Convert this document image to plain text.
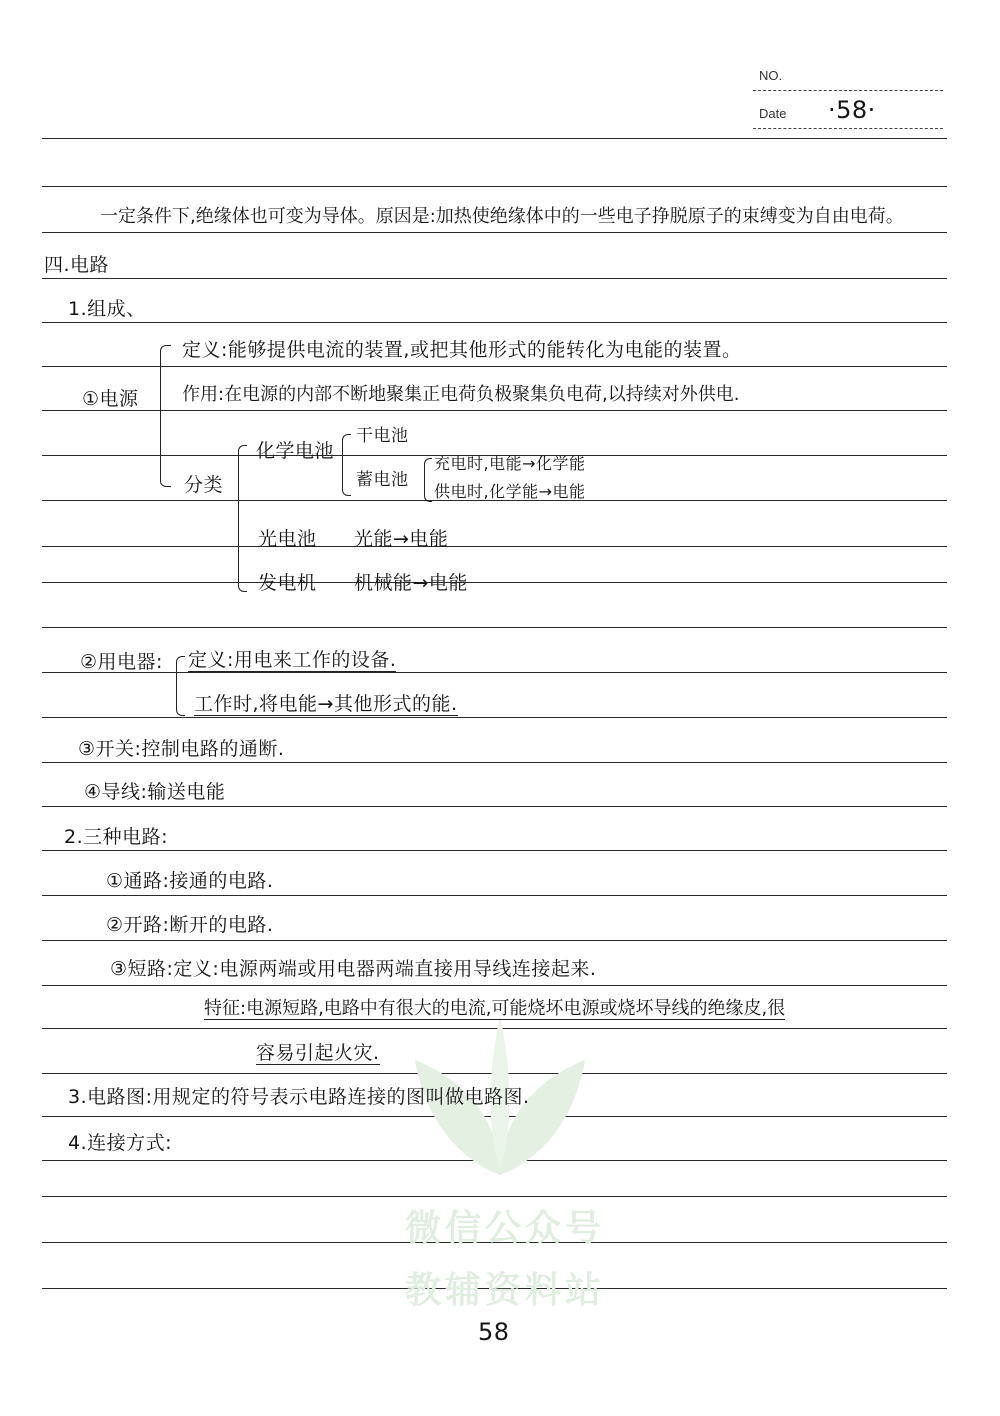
NO.
Date ·58·
微信公众号
教辅资料站
一定条件下,绝缘体也可变为导体。原因是:加热使绝缘体中的一些电子挣脱原子的束缚变为自由电荷。
四.电路
1.组成、
①电源
定义:能够提供电流的装置,或把其他形式的能转化为电能的装置。
作用:在电源的内部不断地聚集正电荷负极聚集负电荷,以持续对外供电.
分类
化学电池
干电池
蓄电池
充电时,电能→化学能
供电时,化学能→电能
光电池 光能→电能
发电机 机械能→电能
②用电器: 定义:用电来工作的设备.
工作时,将电能→其他形式的能.
③开关:控制电路的通断.
④导线:输送电能
2.三种电路:
①通路:接通的电路.
②开路:断开的电路.
③短路:定义:电源两端或用电器两端直接用导线连接起来.
特征:电源短路,电路中有很大的电流,可能烧坏电源或烧坏导线的绝缘皮,很
容易引起火灾.
3.电路图:用规定的符号表示电路连接的图叫做电路图.
4.连接方式:
58
